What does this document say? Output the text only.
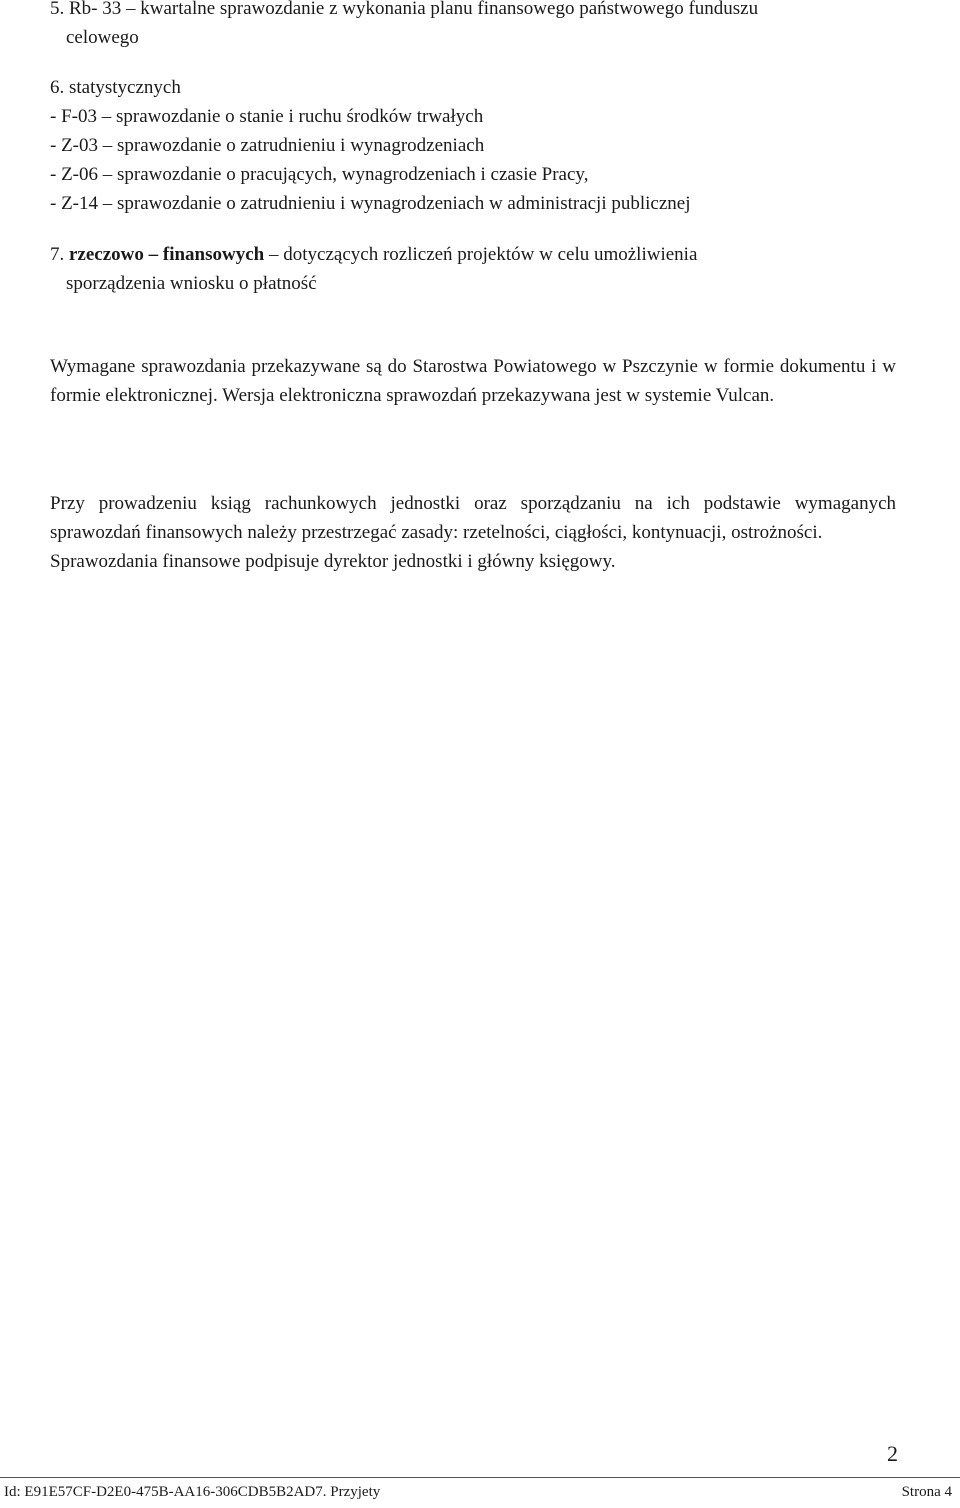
5. Rb- 33 – kwartalne sprawozdanie z wykonania planu finansowego państwowego funduszu
celowego
6. statystycznych
- F-03 – sprawozdanie o stanie i ruchu środków trwałych
- Z-03 – sprawozdanie o zatrudnieniu i wynagrodzeniach
- Z-06 – sprawozdanie o pracujących, wynagrodzeniach i czasie Pracy,
- Z-14 – sprawozdanie o zatrudnieniu i wynagrodzeniach w administracji publicznej
7. rzeczowo – finansowych – dotyczących rozliczeń projektów w celu umożliwienia
sporządzenia wniosku o płatność
Wymagane sprawozdania przekazywane są do Starostwa Powiatowego w Pszczynie w formie dokumentu i w formie elektronicznej. Wersja elektroniczna sprawozdań przekazywana jest w systemie Vulcan.
Przy prowadzeniu ksiąg rachunkowych jednostki oraz sporządzaniu na ich podstawie wymaganych sprawozdań finansowych należy przestrzegać zasady: rzetelności, ciągłości, kontynuacji, ostrożności.
Sprawozdania finansowe podpisuje dyrektor jednostki i główny księgowy.
2
Id: E91E57CF-D2E0-475B-AA16-306CDB5B2AD7. Przyjety	Strona 4
